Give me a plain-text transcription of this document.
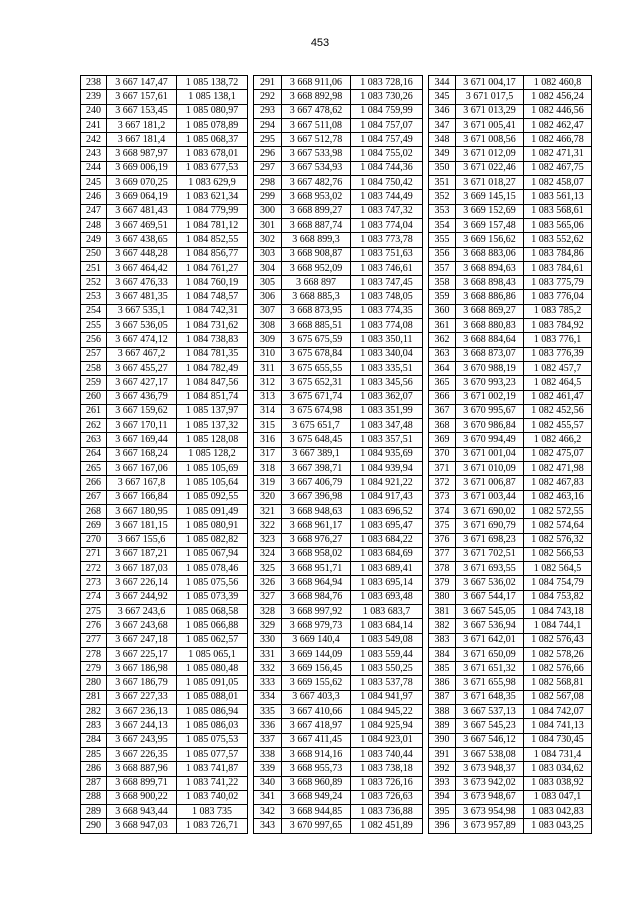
453
238	3 667 147,47	1 085 138,72
239	3 667 157,61	1 085 138,1
240	3 667 153,45	1 085 080,97
241	3 667 181,2	1 085 078,89
242	3 667 181,4	1 085 068,37
243	3 668 987,97	1 083 678,01
244	3 669 006,19	1 083 677,53
245	3 669 070,25	1 083 629,9
246	3 669 064,19	1 083 621,34
247	3 667 481,43	1 084 779,99
248	3 667 469,51	1 084 781,12
249	3 667 438,65	1 084 852,55
250	3 667 448,28	1 084 856,77
251	3 667 464,42	1 084 761,27
252	3 667 476,33	1 084 760,19
253	3 667 481,35	1 084 748,57
254	3 667 535,1	1 084 742,31
255	3 667 536,05	1 084 731,62
256	3 667 474,12	1 084 738,83
257	3 667 467,2	1 084 781,35
258	3 667 455,27	1 084 782,49
259	3 667 427,17	1 084 847,56
260	3 667 436,79	1 084 851,74
261	3 667 159,62	1 085 137,97
262	3 667 170,11	1 085 137,32
263	3 667 169,44	1 085 128,08
264	3 667 168,24	1 085 128,2
265	3 667 167,06	1 085 105,69
266	3 667 167,8	1 085 105,64
267	3 667 166,84	1 085 092,55
268	3 667 180,95	1 085 091,49
269	3 667 181,15	1 085 080,91
270	3 667 155,6	1 085 082,82
271	3 667 187,21	1 085 067,94
272	3 667 187,03	1 085 078,46
273	3 667 226,14	1 085 075,56
274	3 667 244,92	1 085 073,39
275	3 667 243,6	1 085 068,58
276	3 667 243,68	1 085 066,88
277	3 667 247,18	1 085 062,57
278	3 667 225,17	1 085 065,1
279	3 667 186,98	1 085 080,48
280	3 667 186,79	1 085 091,05
281	3 667 227,33	1 085 088,01
282	3 667 236,13	1 085 086,94
283	3 667 244,13	1 085 086,03
284	3 667 243,95	1 085 075,53
285	3 667 226,35	1 085 077,57
286	3 668 887,96	1 083 741,87
287	3 668 899,71	1 083 741,22
288	3 668 900,22	1 083 740,02
289	3 668 943,44	1 083 735
290	3 668 947,03	1 083 726,71
291	3 668 911,06	1 083 728,16
292	3 668 892,98	1 083 730,26
293	3 667 478,62	1 084 759,99
294	3 667 511,08	1 084 757,07
295	3 667 512,78	1 084 757,49
296	3 667 533,98	1 084 755,02
297	3 667 534,93	1 084 744,36
298	3 667 482,76	1 084 750,42
299	3 668 953,02	1 083 744,49
300	3 668 899,27	1 083 747,32
301	3 668 887,74	1 083 774,04
302	3 668 899,3	1 083 773,78
303	3 668 908,87	1 083 751,63
304	3 668 952,09	1 083 746,61
305	3 668 897	1 083 747,45
306	3 668 885,3	1 083 748,05
307	3 668 873,95	1 083 774,35
308	3 668 885,51	1 083 774,08
309	3 675 675,59	1 083 350,11
310	3 675 678,84	1 083 340,04
311	3 675 655,55	1 083 335,51
312	3 675 652,31	1 083 345,56
313	3 675 671,74	1 083 362,07
314	3 675 674,98	1 083 351,99
315	3 675 651,7	1 083 347,48
316	3 675 648,45	1 083 357,51
317	3 667 389,1	1 084 935,69
318	3 667 398,71	1 084 939,94
319	3 667 406,79	1 084 921,22
320	3 667 396,98	1 084 917,43
321	3 668 948,63	1 083 696,52
322	3 668 961,17	1 083 695,47
323	3 668 976,27	1 083 684,22
324	3 668 958,02	1 083 684,69
325	3 668 951,71	1 083 689,41
326	3 668 964,94	1 083 695,14
327	3 668 984,76	1 083 693,48
328	3 668 997,92	1 083 683,7
329	3 668 979,73	1 083 684,14
330	3 669 140,4	1 083 549,08
331	3 669 144,09	1 083 559,44
332	3 669 156,45	1 083 550,25
333	3 669 155,62	1 083 537,78
334	3 667 403,3	1 084 941,97
335	3 667 410,66	1 084 945,22
336	3 667 418,97	1 084 925,94
337	3 667 411,45	1 084 923,01
338	3 668 914,16	1 083 740,44
339	3 668 955,73	1 083 738,18
340	3 668 960,89	1 083 726,16
341	3 668 949,24	1 083 726,63
342	3 668 944,85	1 083 736,88
343	3 670 997,65	1 082 451,89
344	3 671 004,17	1 082 460,8
345	3 671 017,5	1 082 456,24
346	3 671 013,29	1 082 446,56
347	3 671 005,41	1 082 462,47
348	3 671 008,56	1 082 466,78
349	3 671 012,09	1 082 471,31
350	3 671 022,46	1 082 467,75
351	3 671 018,27	1 082 458,07
352	3 669 145,15	1 083 561,13
353	3 669 152,69	1 083 568,61
354	3 669 157,48	1 083 565,06
355	3 669 156,62	1 083 552,62
356	3 668 883,06	1 083 784,86
357	3 668 894,63	1 083 784,61
358	3 668 898,43	1 083 775,79
359	3 668 886,86	1 083 776,04
360	3 668 869,27	1 083 785,2
361	3 668 880,83	1 083 784,92
362	3 668 884,64	1 083 776,1
363	3 668 873,07	1 083 776,39
364	3 670 988,19	1 082 457,7
365	3 670 993,23	1 082 464,5
366	3 671 002,19	1 082 461,47
367	3 670 995,67	1 082 452,56
368	3 670 986,84	1 082 455,57
369	3 670 994,49	1 082 466,2
370	3 671 001,04	1 082 475,07
371	3 671 010,09	1 082 471,98
372	3 671 006,87	1 082 467,83
373	3 671 003,44	1 082 463,16
374	3 671 690,02	1 082 572,55
375	3 671 690,79	1 082 574,64
376	3 671 698,23	1 082 576,32
377	3 671 702,51	1 082 566,53
378	3 671 693,55	1 082 564,5
379	3 667 536,02	1 084 754,79
380	3 667 544,17	1 084 753,82
381	3 667 545,05	1 084 743,18
382	3 667 536,94	1 084 744,1
383	3 671 642,01	1 082 576,43
384	3 671 650,09	1 082 578,26
385	3 671 651,32	1 082 576,66
386	3 671 655,98	1 082 568,81
387	3 671 648,35	1 082 567,08
388	3 667 537,13	1 084 742,07
389	3 667 545,23	1 084 741,13
390	3 667 546,12	1 084 730,45
391	3 667 538,08	1 084 731,4
392	3 673 948,37	1 083 034,62
393	3 673 942,02	1 083 038,92
394	3 673 948,67	1 083 047,1
395	3 673 954,98	1 083 042,83
396	3 673 957,89	1 083 043,25
